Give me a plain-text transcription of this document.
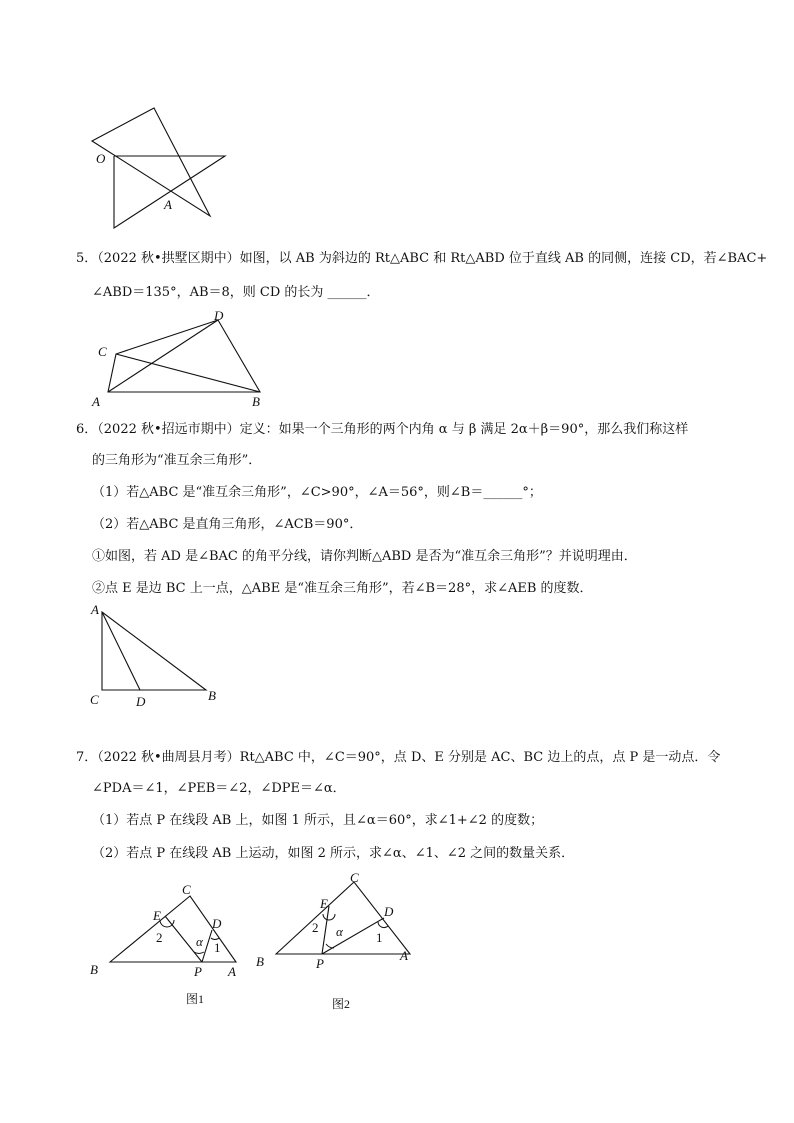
O
A
5．（2022 秋•拱墅区期中）如图，以 AB 为斜边的 Rt△ABC 和 Rt△ABD 位于直线 AB 的同侧，连接 CD，若∠BAC+
∠ABD＝135°，AB＝8，则 CD 的长为 ______．
A	B
C
D
6．（2022 秋•招远市期中）定义：如果一个三角形的两个内角 α 与 β 满足 2α＋β＝90°，那么我们称这样
的三角形为“准互余三角形”．
（1）若△ABC 是“准互余三角形”，∠C>90°，∠A＝56°，则∠B＝______°；
（2）若△ABC 是直角三角形，∠ACB＝90°．
①如图，若 AD 是∠BAC 的角平分线，请你判断△ABD 是否为“准互余三角形”？并说明理由．
②点 E 是边 BC 上一点，△ABE 是“准互余三角形”，若∠B＝28°，求∠AEB 的度数．
A
C	D	B
7．（2022 秋•曲周县月考）Rt△ABC 中，∠C＝90°，点 D、E 分别是 AC、BC 边上的点，点 P 是一动点．令
∠PDA＝∠1，∠PEB＝∠2，∠DPE＝∠α．
（1）若点 P 在线段 AB 上，如图 1 所示，且∠α＝60°，求∠1+∠2 的度数；
（2）若点 P 在线段 AB 上运动，如图 2 所示，求∠α、∠1、∠2 之间的数量关系．
C
E
D
2	α 1
B	P A
图1
C
E
D
2 α	1
B	P
A
图2
